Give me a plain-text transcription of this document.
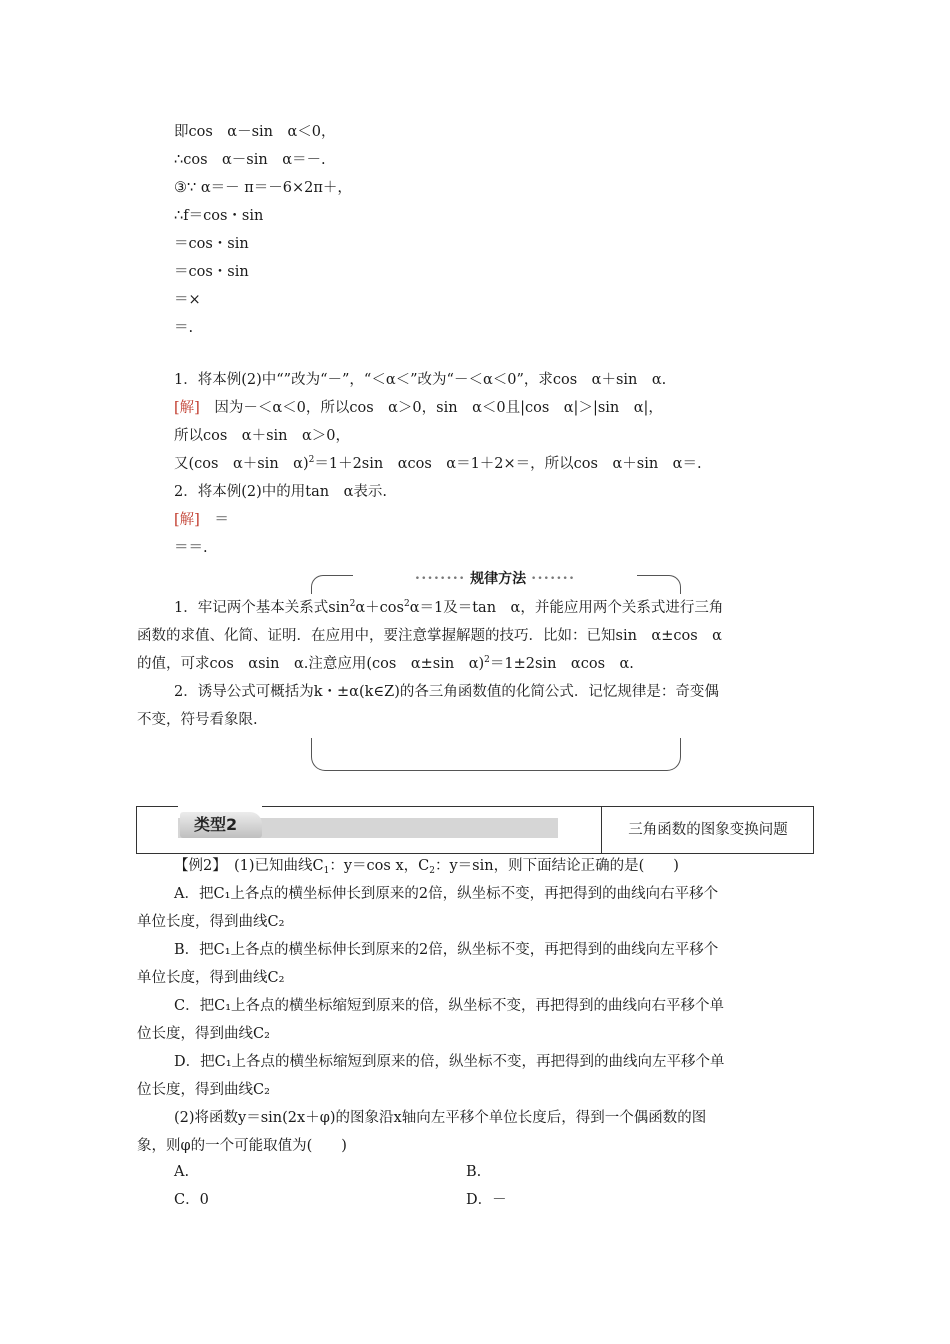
即cos　α－sin　α＜0，
∴cos　α－sin　α＝－.
③∵ α＝－ π＝－6×2π＋，
∴f＝cos・sin
＝cos・sin
＝cos・sin
＝×
＝.
1．将本例(2)中“”改为“－”，“＜α＜”改为“－＜α＜0”，求cos　α＋sin　α.
[解]　因为－＜α＜0，所以cos　α＞0，sin　α＜0且|cos　α|＞|sin　α|，
所以cos　α＋sin　α＞0，
又(cos　α＋sin　α)$^2$＝1＋2sin　αcos　α＝1＋2×＝，所以cos　α＋sin　α＝.
2．将本例(2)中的用tan　α表示.
[解]　＝
＝＝.
•••••••• 规律方法 •••••••
1．牢记两个基本关系式$\sin^2\alpha+\cos^2\alpha=1$及＝tan　α，并能应用两个关系式进行三角
函数的求值、化简、证明．在应用中，要注意掌握解题的技巧．比如：已知sin　α±cos　α
的值，可求cos　αsin　α.注意应用(cos　α±sin　α)$^2$＝1±2sin　αcos　α.
2．诱导公式可概括为k・±α(k∈Z)的各三角函数值的化简公式．记忆规律是：奇变偶
不变，符号看象限.
类型2	三角函数的图象变换问题
【例2】　(1)已知曲线$C_1$：y＝cos x，$C_2$：y＝sin，则下面结论正确的是(　　)
A．把C₁上各点的横坐标伸长到原来的2倍，纵坐标不变，再把得到的曲线向右平移个
单位长度，得到曲线C₂
B．把C₁上各点的横坐标伸长到原来的2倍，纵坐标不变，再把得到的曲线向左平移个
单位长度，得到曲线C₂
C．把C₁上各点的横坐标缩短到原来的倍，纵坐标不变，再把得到的曲线向右平移个单
位长度，得到曲线C₂
D．把C₁上各点的横坐标缩短到原来的倍，纵坐标不变，再把得到的曲线向左平移个单
位长度，得到曲线C₂
(2)将函数y＝sin(2x＋φ)的图象沿x轴向左平移个单位长度后，得到一个偶函数的图
象，则φ的一个可能取值为(　　)
A.	B.
C．0	D．－
